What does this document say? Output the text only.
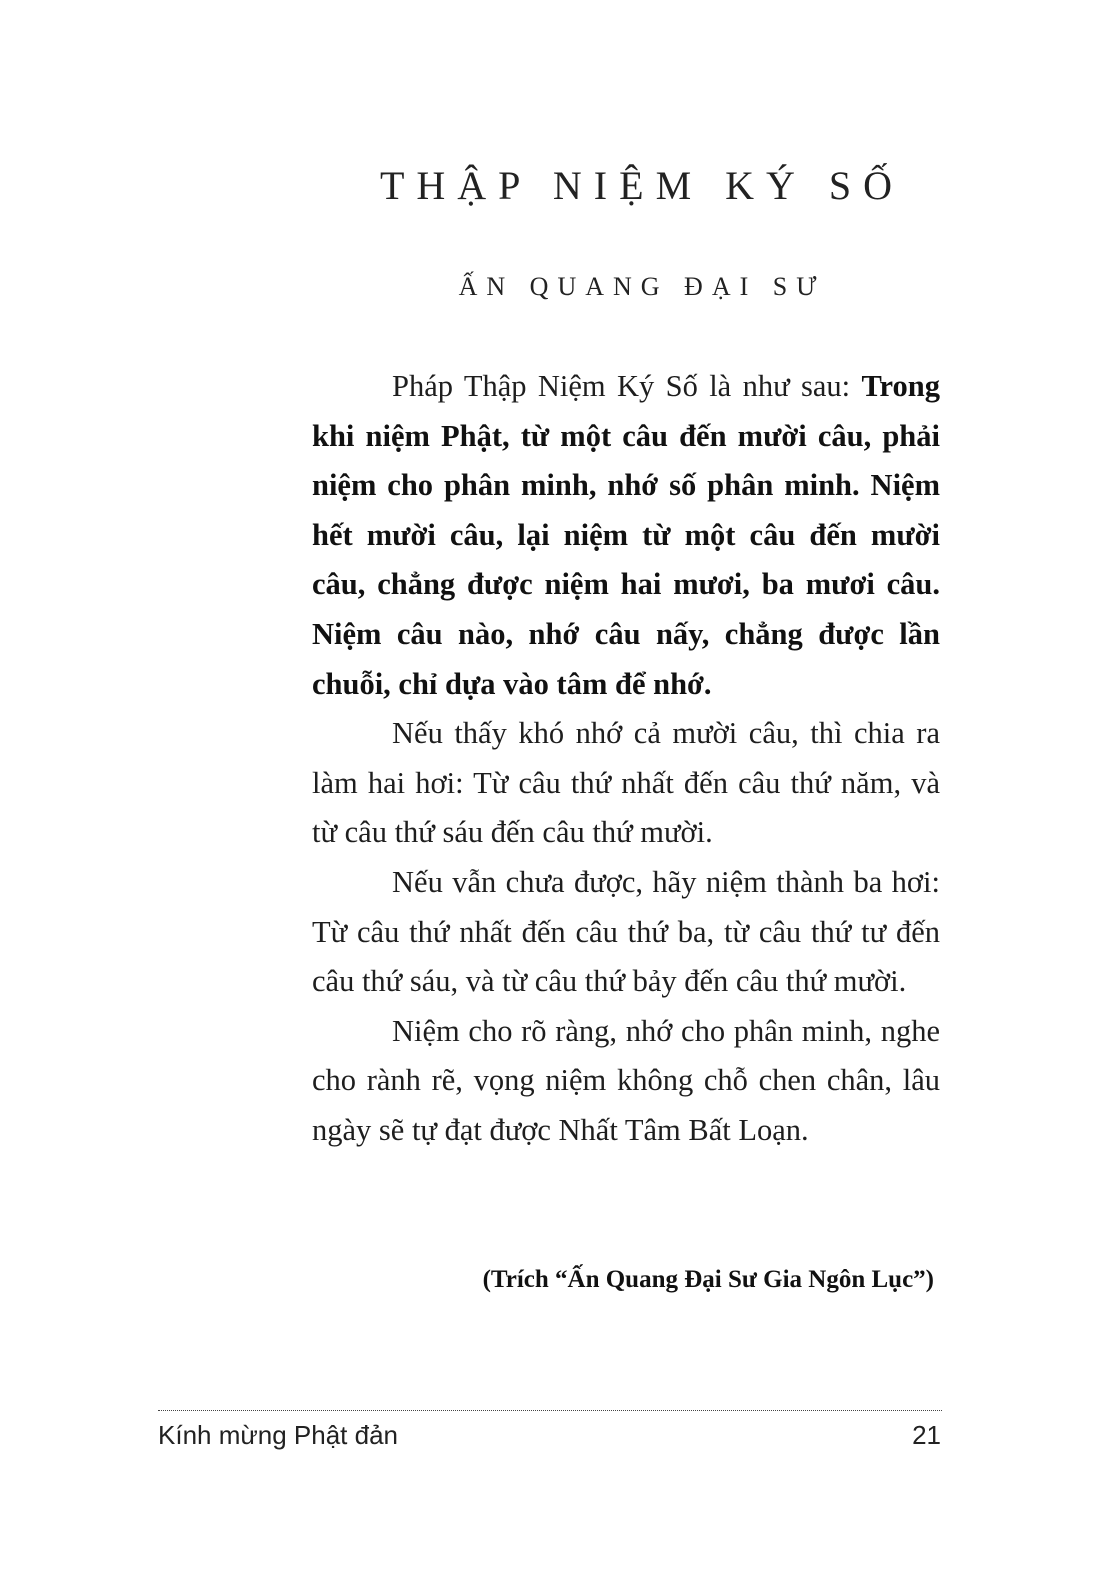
THẬP NIỆM KÝ SỐ
ẤN QUANG ĐẠI SƯ

Pháp Thập Niệm Ký Số là như sau: Trong khi niệm Phật, từ một câu đến mười câu, phải niệm cho phân minh, nhớ số phân minh. Niệm hết mười câu, lại niệm từ một câu đến mười câu, chẳng được niệm hai mươi, ba mươi câu. Niệm câu nào, nhớ câu nấy, chẳng được lần chuỗi, chỉ dựa vào tâm để nhớ.

Nếu thấy khó nhớ cả mười câu, thì chia ra làm hai hơi: Từ câu thứ nhất đến câu thứ năm, và từ câu thứ sáu đến câu thứ mười.

Nếu vẫn chưa được, hãy niệm thành ba hơi: Từ câu thứ nhất đến câu thứ ba, từ câu thứ tư đến câu thứ sáu, và từ câu thứ bảy đến câu thứ mười.

Niệm cho rõ ràng, nhớ cho phân minh, nghe cho rành rẽ, vọng niệm không chỗ chen chân, lâu ngày sẽ tự đạt được Nhất Tâm Bất Loạn.

(Trích “Ấn Quang Đại Sư Gia Ngôn Lục”)
Kính mừng Phật đản	21
